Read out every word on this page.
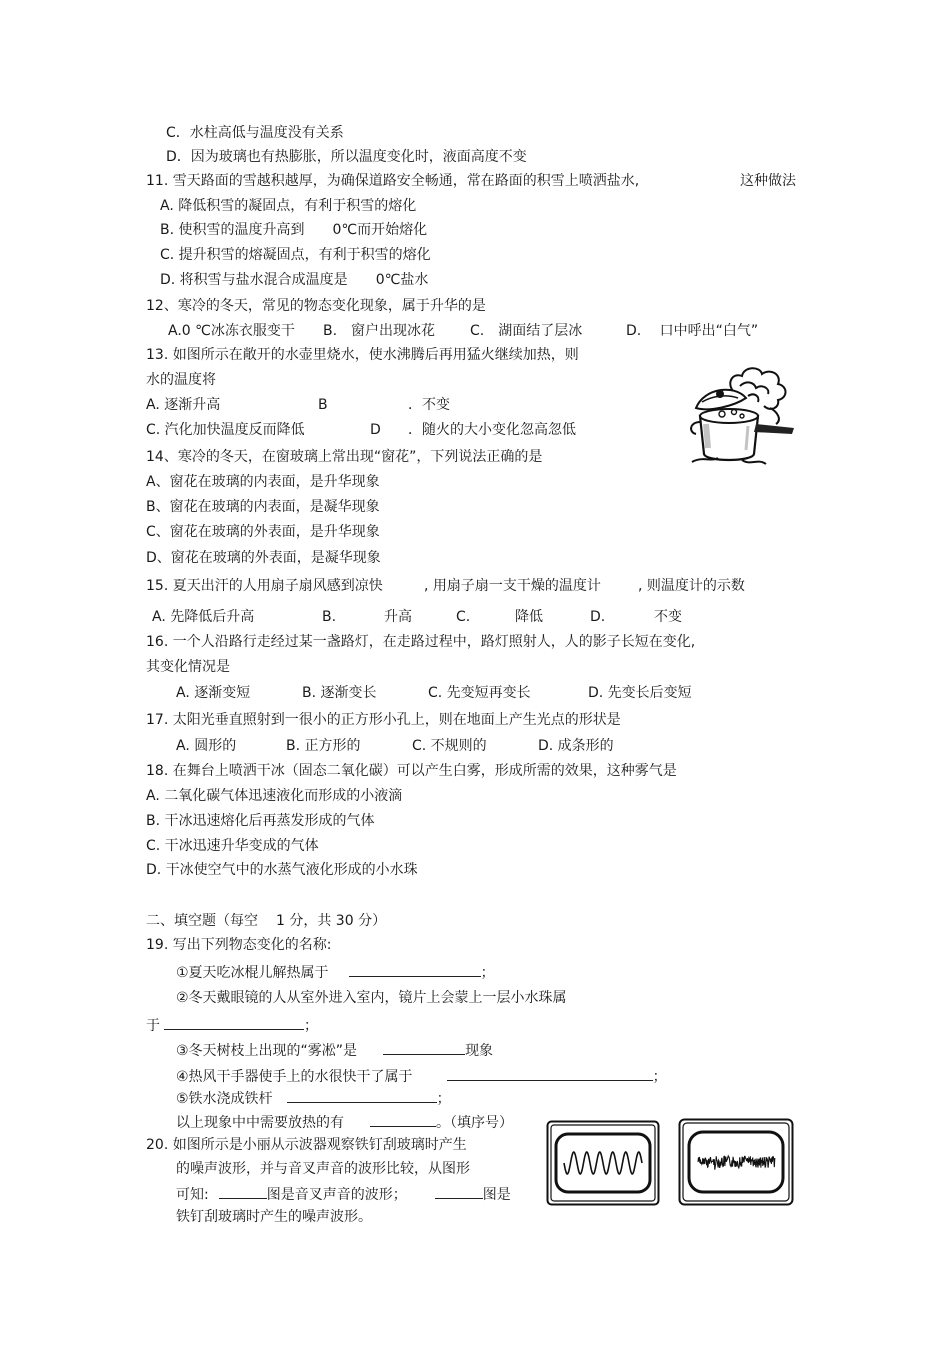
C．水柱高低与温度没有关系
D．因为玻璃也有热膨胀，所以温度变化时，液面高度不变
11. 雪天路面的雪越积越厚，为确保道路安全畅通，常在路面的积雪上喷洒盐水,	这种做法
A. 降低积雪的凝固点，有利于积雪的熔化
B. 使积雪的温度升高到 0℃而开始熔化
C. 提升积雪的熔凝固点，有利于积雪的熔化
D. 将积雪与盐水混合成温度是 0℃盐水
12、寒冷的冬天，常见的物态变化现象，属于升华的是
A.0 ℃冰冻衣服变干 B.　窗户出现冰花 C.　湖面结了层冰	D.　 口中呼出“白气”
13. 如图所示在敞开的水壶里烧水，使水沸腾后再用猛火继续加热，则
水的温度将
A. 逐渐升高	B	．不变
C. 汽化加快温度反而降低	D ．随火的大小变化忽高忽低
14、寒冷的冬天，在窗玻璃上常出现“窗花”，下列说法正确的是
A、窗花在玻璃的内表面，是升华现象
B、窗花在玻璃的内表面，是凝华现象
C、窗花在玻璃的外表面，是升华现象
D、窗花在玻璃的外表面，是凝华现象
15. 夏天出汗的人用扇子扇风感到凉快	, 用扇子扇一支干燥的温度计	, 则温度计的示数
A. 先降低后升高	B.	升高	C.	降低	D.	不变
16. 一个人沿路行走经过某一盏路灯，在走路过程中，路灯照射人，人的影子长短在变化,
其变化情况是
A. 逐渐变短	B. 逐渐变长	C. 先变短再变长	D. 先变长后变短
17. 太阳光垂直照射到一很小的正方形小孔上，则在地面上产生光点的形状是
A. 圆形的	B. 正方形的	C. 不规则的	D. 成条形的
18. 在舞台上喷洒干冰（固态二氧化碳）可以产生白雾，形成所需的效果，这种雾气是
A. 二氧化碳气体迅速液化而形成的小液滴
B. 干冰迅速熔化后再蒸发形成的气体
C. 干冰迅速升华变成的气体
D. 干冰使空气中的水蒸气液化形成的小水珠
二、填空题（每空 1 分，共 30 分）
19. 写出下列物态变化的名称:
①夏天吃冰棍儿解热属于	；
②冬天戴眼镜的人从室外进入室内，镜片上会蒙上一层小水珠属
于	；
③冬天树枝上出现的“雾凇”是	现象
④热风干手器使手上的水很快干了属于	；
⑤铁水浇成铁杆	；
以上现象中中需要放热的有	。（填序号）
20. 如图所示是小丽从示波器观察铁钉刮玻璃时产生
的噪声波形，并与音叉声音的波形比较，从图形
可知:	图是音叉声音的波形；	图是
铁钉刮玻璃时产生的噪声波形。
